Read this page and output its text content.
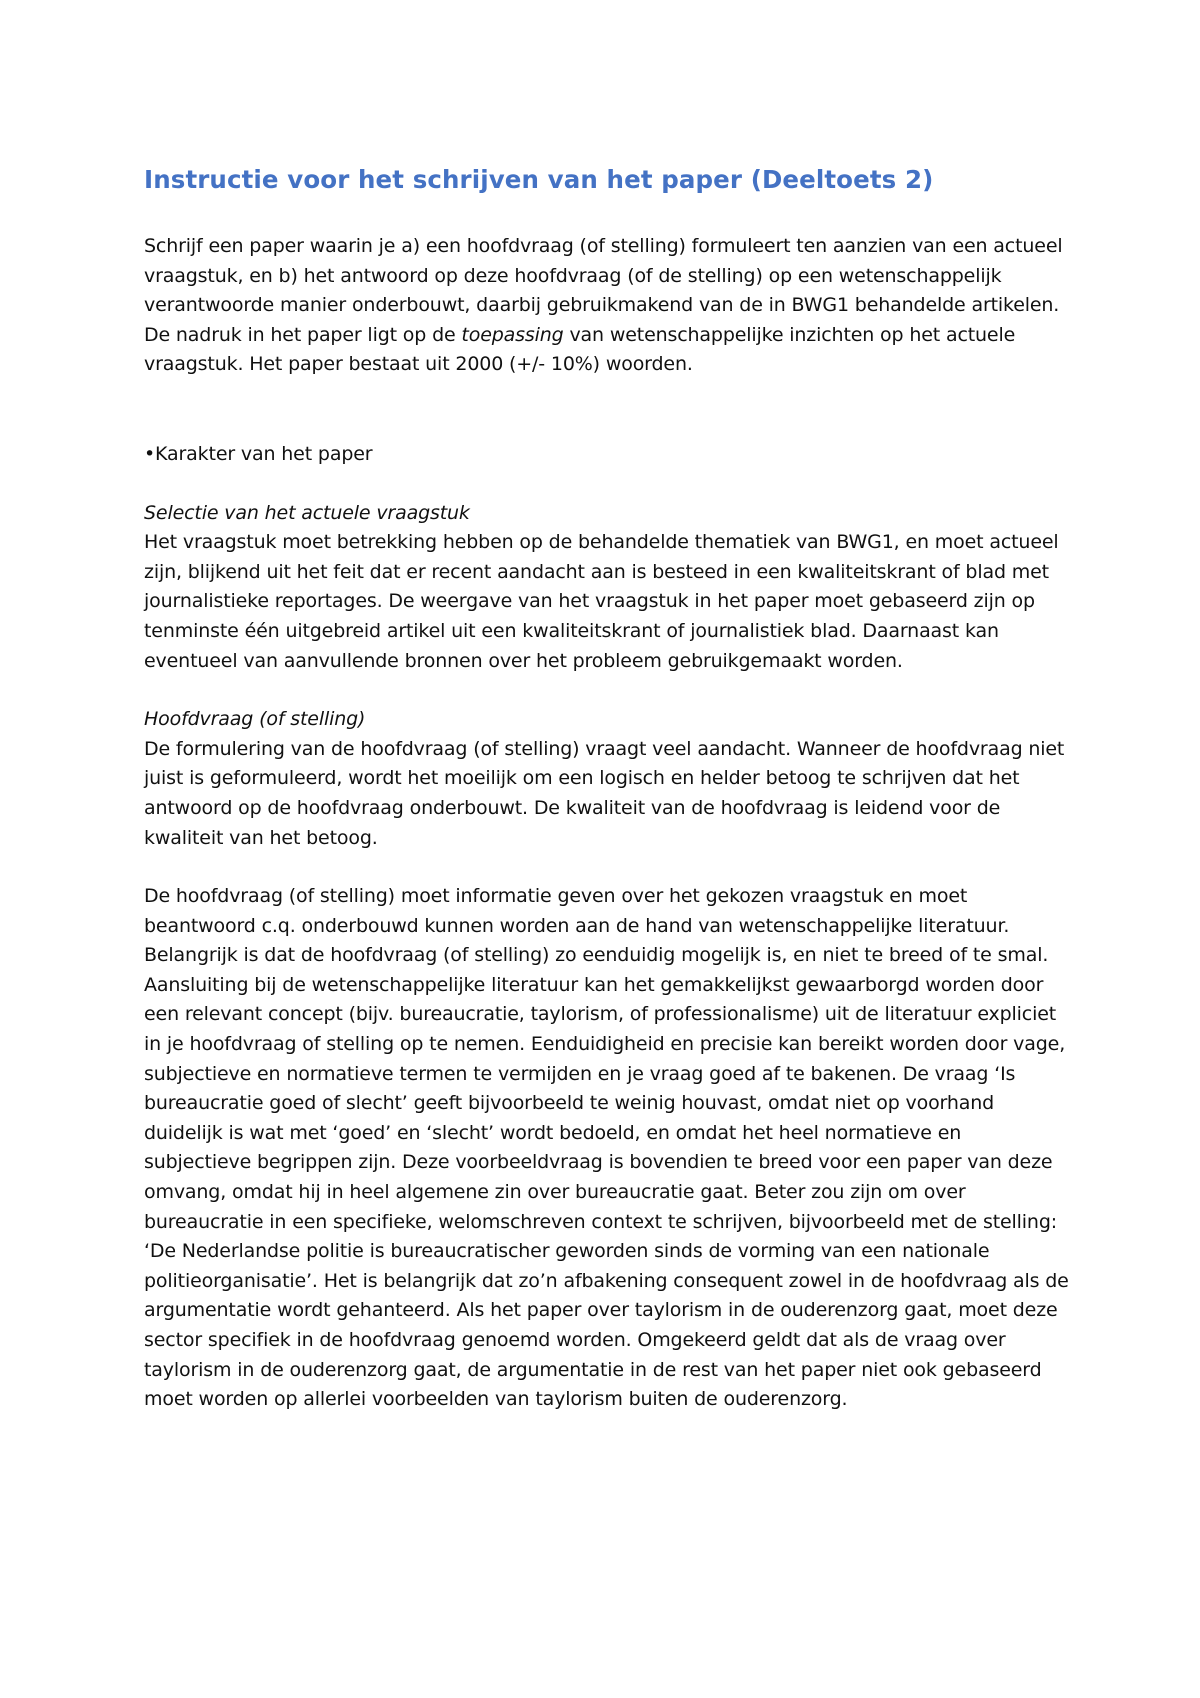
Instructie voor het schrijven van het paper (Deeltoets 2)

Schrijf een paper waarin je a) een hoofdvraag (of stelling) formuleert ten aanzien van een actueel vraagstuk, en b) het antwoord op deze hoofdvraag (of de stelling) op een wetenschappelijk verantwoorde manier onderbouwt, daarbij gebruikmakend van de in BWG1 behandelde artikelen. De nadruk in het paper ligt op de toepassing van wetenschappelijke inzichten op het actuele vraagstuk. Het paper bestaat uit 2000 (+/- 10%) woorden.

•Karakter van het paper

Selectie van het actuele vraagstuk

Het vraagstuk moet betrekking hebben op de behandelde thematiek van BWG1, en moet actueel zijn, blijkend uit het feit dat er recent aandacht aan is besteed in een kwaliteitskrant of blad met journalistieke reportages. De weergave van het vraagstuk in het paper moet gebaseerd zijn op tenminste één uitgebreid artikel uit een kwaliteitskrant of journalistiek blad. Daarnaast kan eventueel van aanvullende bronnen over het probleem gebruikgemaakt worden.

Hoofdvraag (of stelling)

De formulering van de hoofdvraag (of stelling) vraagt veel aandacht. Wanneer de hoofdvraag niet juist is geformuleerd, wordt het moeilijk om een logisch en helder betoog te schrijven dat het antwoord op de hoofdvraag onderbouwt. De kwaliteit van de hoofdvraag is leidend voor de kwaliteit van het betoog.

De hoofdvraag (of stelling) moet informatie geven over het gekozen vraagstuk en moet beantwoord c.q. onderbouwd kunnen worden aan de hand van wetenschappelijke literatuur. Belangrijk is dat de hoofdvraag (of stelling) zo eenduidig mogelijk is, en niet te breed of te smal. Aansluiting bij de wetenschappelijke literatuur kan het gemakkelijkst gewaarborgd worden door een relevant concept (bijv. bureaucratie, taylorism, of professionalisme) uit de literatuur expliciet in je hoofdvraag of stelling op te nemen. Eenduidigheid en precisie kan bereikt worden door vage, subjectieve en normatieve termen te vermijden en je vraag goed af te bakenen. De vraag ‘Is bureaucratie goed of slecht’ geeft bijvoorbeeld te weinig houvast, omdat niet op voorhand duidelijk is wat met ‘goed’ en ‘slecht’ wordt bedoeld, en omdat het heel normatieve en subjectieve begrippen zijn. Deze voorbeeldvraag is bovendien te breed voor een paper van deze omvang, omdat hij in heel algemene zin over bureaucratie gaat. Beter zou zijn om over bureaucratie in een specifieke, welomschreven context te schrijven, bijvoorbeeld met de stelling: ‘De Nederlandse politie is bureaucratischer geworden sinds de vorming van een nationale politieorganisatie’. Het is belangrijk dat zo’n afbakening consequent zowel in de hoofdvraag als de argumentatie wordt gehanteerd. Als het paper over taylorism in de ouderenzorg gaat, moet deze sector specifiek in de hoofdvraag genoemd worden. Omgekeerd geldt dat als de vraag over taylorism in de ouderenzorg gaat, de argumentatie in de rest van het paper niet ook gebaseerd moet worden op allerlei voorbeelden van taylorism buiten de ouderenzorg.
